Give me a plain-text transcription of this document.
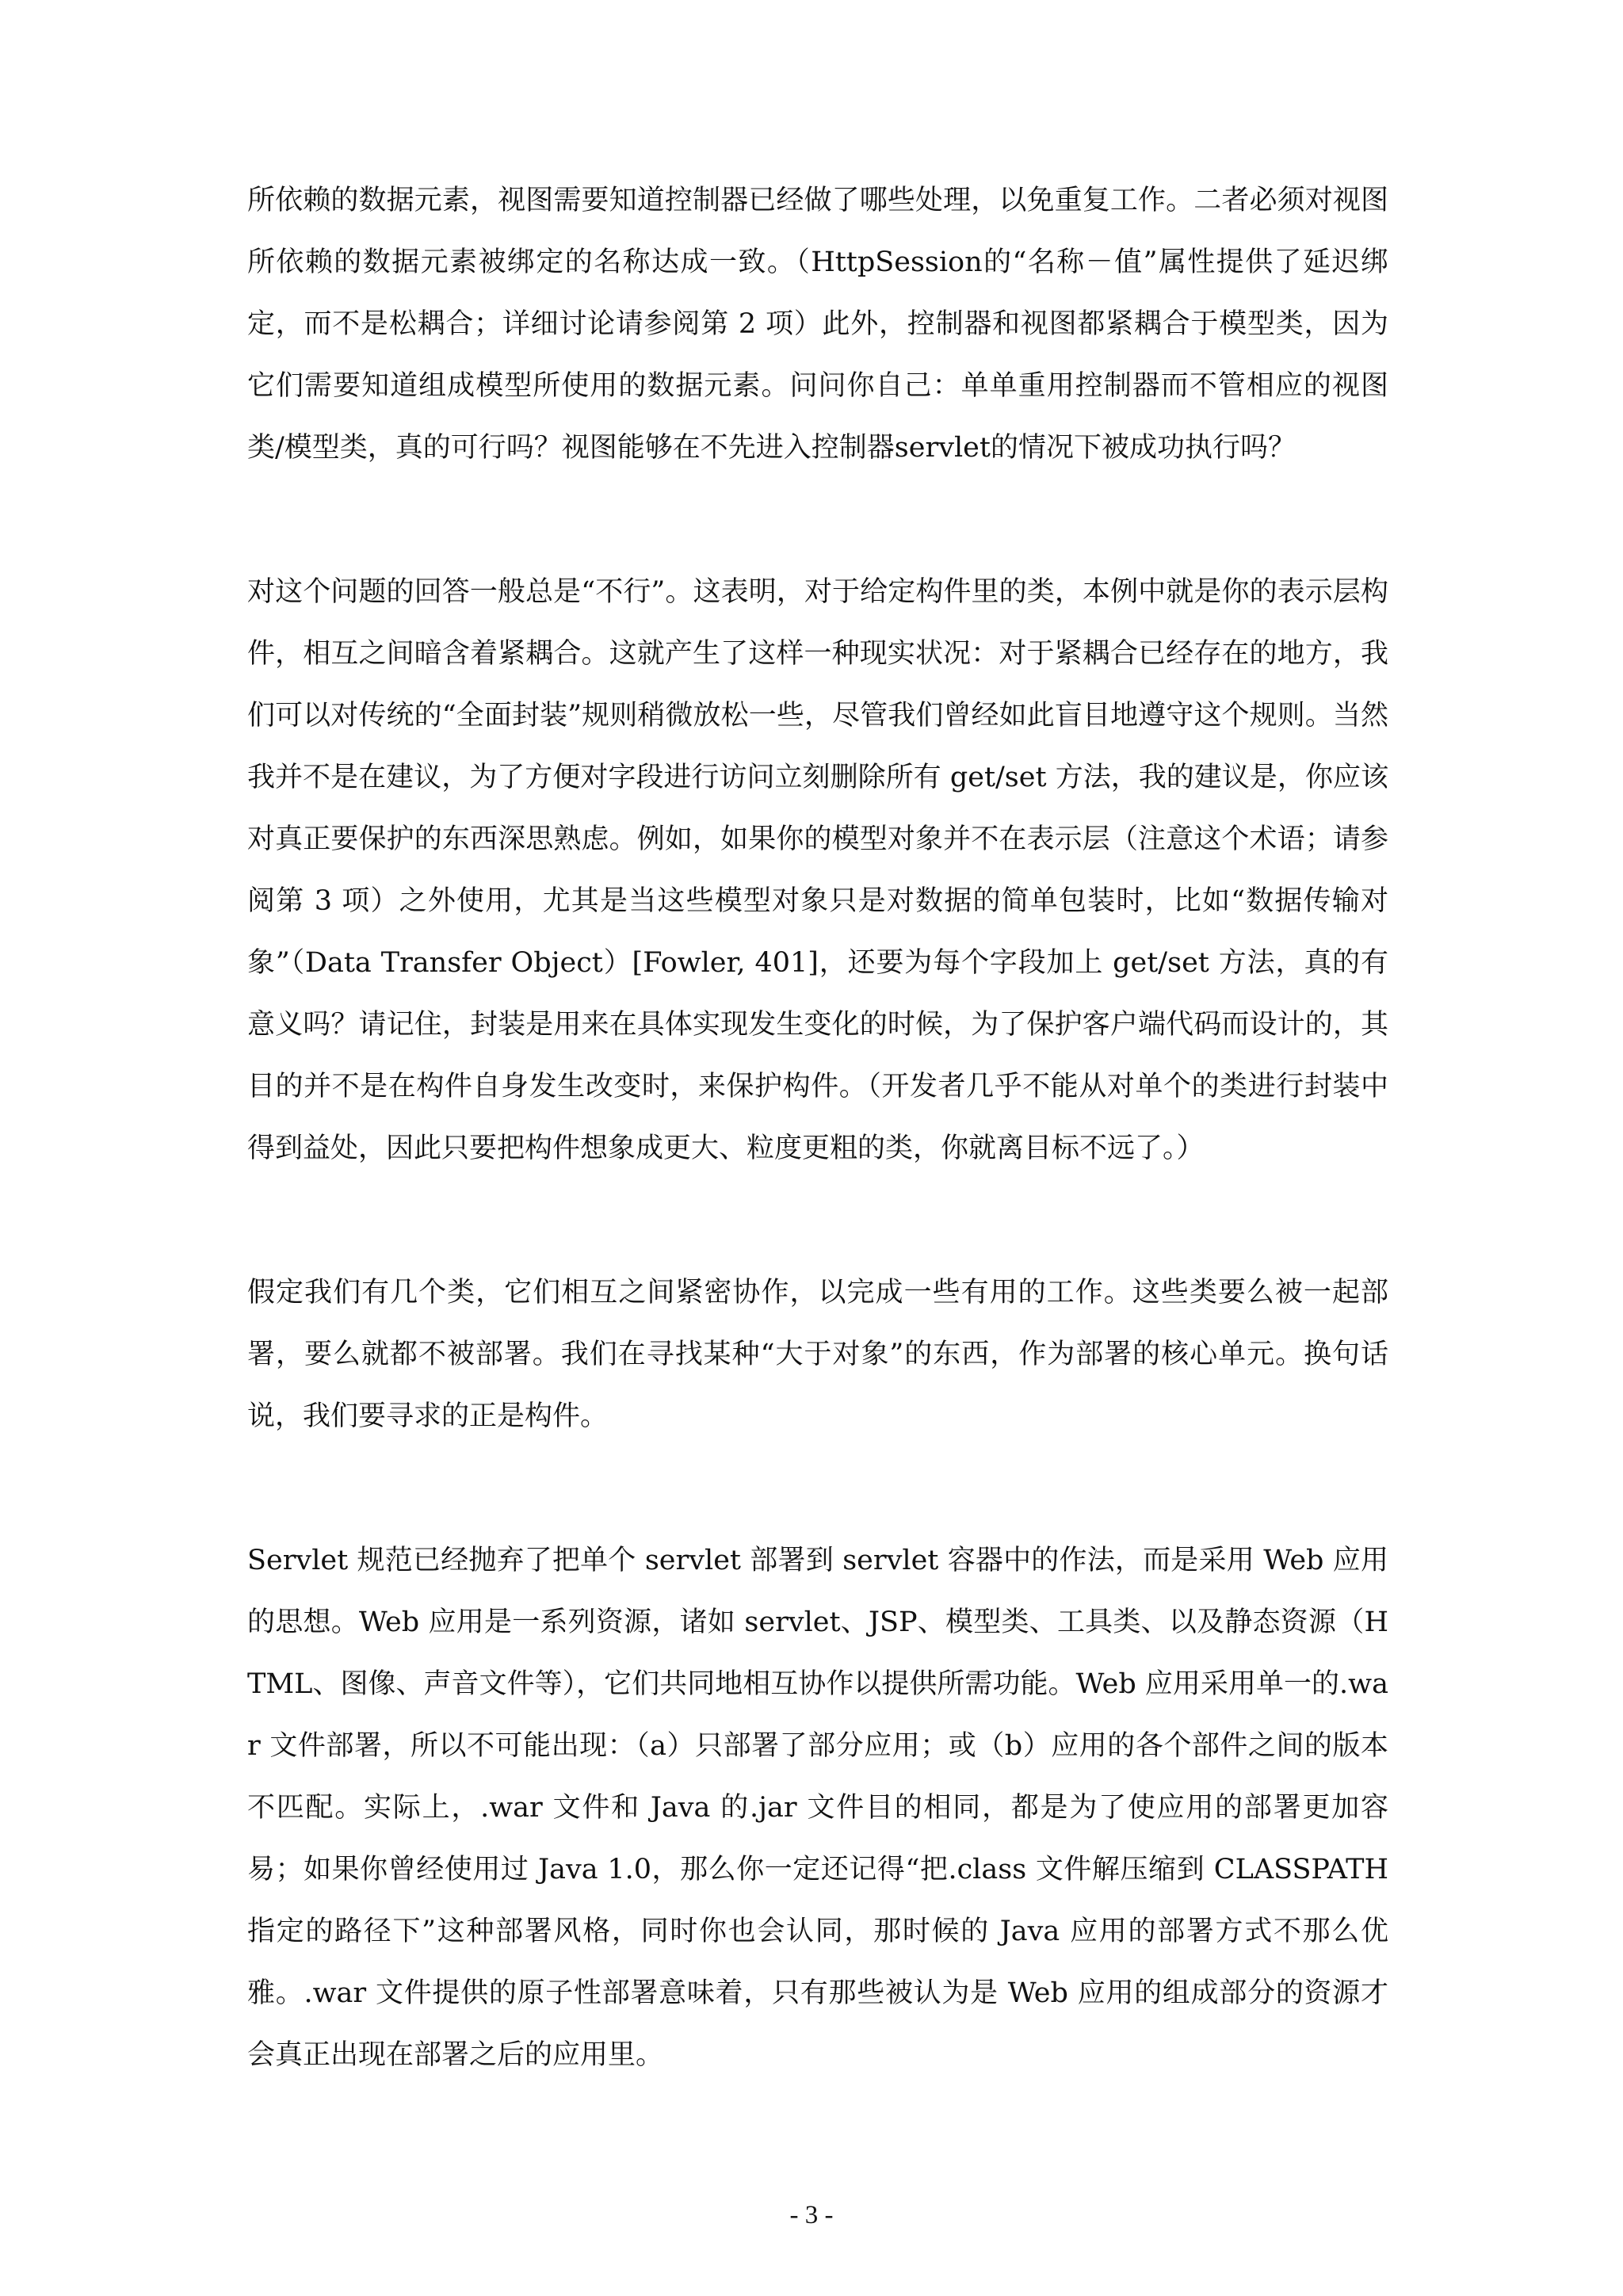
所依赖的数据元素，视图需要知道控制器已经做了哪些处理，以免重复工作。二者必须对视图所依赖的数据元素被绑定的名称达成一致。（HttpSession的“名称－值”属性提供了延迟绑定，而不是松耦合；详细讨论请参阅第 2 项）此外，控制器和视图都紧耦合于模型类，因为它们需要知道组成模型所使用的数据元素。问问你自己：单单重用控制器而不管相应的视图类/模型类，真的可行吗？视图能够在不先进入控制器servlet的情况下被成功执行吗？

对这个问题的回答一般总是“不行”。这表明，对于给定构件里的类，本例中就是你的表示层构件，相互之间暗含着紧耦合。这就产生了这样一种现实状况：对于紧耦合已经存在的地方，我们可以对传统的“全面封装”规则稍微放松一些，尽管我们曾经如此盲目地遵守这个规则。当然我并不是在建议，为了方便对字段进行访问立刻删除所有 get/set 方法，我的建议是，你应该对真正要保护的东西深思熟虑。例如，如果你的模型对象并不在表示层（注意这个术语；请参阅第 3 项）之外使用，尤其是当这些模型对象只是对数据的简单包装时，比如“数据传输对象”（Data Transfer Object）[Fowler, 401]，还要为每个字段加上 get/set 方法，真的有意义吗？请记住，封装是用来在具体实现发生变化的时候，为了保护客户端代码而设计的，其目的并不是在构件自身发生改变时，来保护构件。（开发者几乎不能从对单个的类进行封装中得到益处，因此只要把构件想象成更大、粒度更粗的类，你就离目标不远了。）

假定我们有几个类，它们相互之间紧密协作，以完成一些有用的工作。这些类要么被一起部署，要么就都不被部署。我们在寻找某种“大于对象”的东西，作为部署的核心单元。换句话说，我们要寻求的正是构件。

Servlet 规范已经抛弃了把单个 servlet 部署到 servlet 容器中的作法，而是采用 Web 应用的思想。Web 应用是一系列资源，诸如 servlet、JSP、模型类、工具类、以及静态资源（HTML、图像、声音文件等），它们共同地相互协作以提供所需功能。Web 应用采用单一的.war 文件部署，所以不可能出现：（a）只部署了部分应用；或（b）应用的各个部件之间的版本不匹配。实际上，.war 文件和 Java 的.jar 文件目的相同，都是为了使应用的部署更加容易；如果你曾经使用过 Java 1.0，那么你一定还记得“把.class 文件解压缩到 CLASSPATH 指定的路径下”这种部署风格，同时你也会认同，那时候的 Java 应用的部署方式不那么优雅。.war 文件提供的原子性部署意味着，只有那些被认为是 Web 应用的组成部分的资源才会真正出现在部署之后的应用里。

- 3 -
